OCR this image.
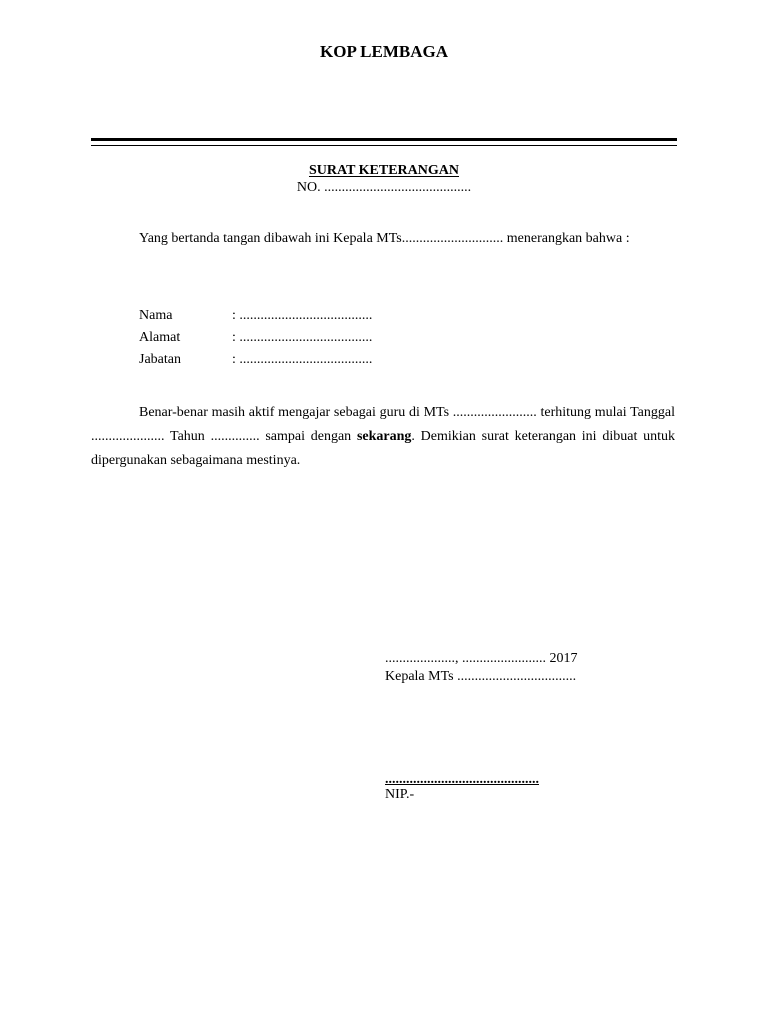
KOP LEMBAGA
SURAT KETERANGAN
NO. ..........................................
Yang bertanda tangan dibawah ini Kepala MTs............................. menerangkan bahwa :
Nama	: ......................................
Alamat	: ......................................
Jabatan	: ......................................
Benar-benar masih aktif mengajar sebagai guru di MTs ........................ terhitung mulai Tanggal ..................... Tahun .............. sampai dengan sekarang. Demikian surat keterangan ini dibuat untuk dipergunakan sebagaimana mestinya.
...................., ........................ 2017
Kepala MTs ..................................
............................................
NIP.-
